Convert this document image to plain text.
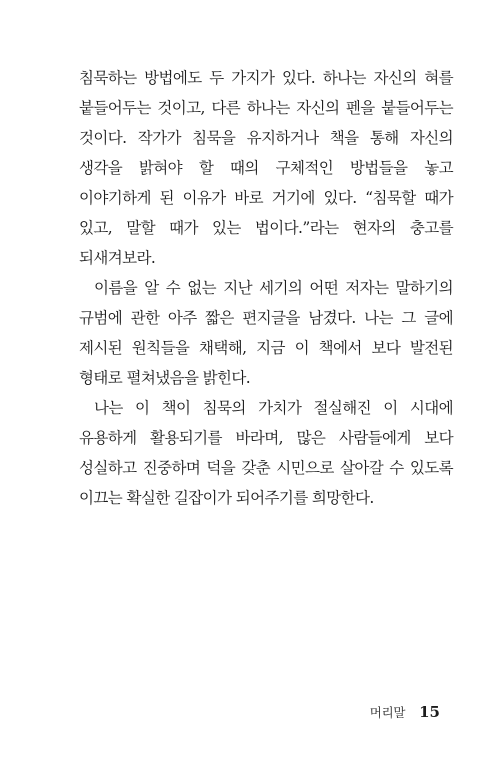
침묵하는 방법에도 두 가지가 있다. 하나는 자신의 혀를 붙들어두는 것이고, 다른 하나는 자신의 펜을 붙들어두는 것이다. 작가가 침묵을 유지하거나 책을 통해 자신의 생각을 밝혀야 할 때의 구체적인 방법들을 놓고 이야기하게 된 이유가 바로 거기에 있다. “침묵할 때가 있고, 말할 때가 있는 법이다.”라는 현자의 충고를 되새겨보라.

이름을 알 수 없는 지난 세기의 어떤 저자는 말하기의 규범에 관한 아주 짧은 편지글을 남겼다. 나는 그 글에 제시된 원칙들을 채택해, 지금 이 책에서 보다 발전된 형태로 펼쳐냈음을 밝힌다.

나는 이 책이 침묵의 가치가 절실해진 이 시대에 유용하게 활용되기를 바라며, 많은 사람들에게 보다 성실하고 진중하며 덕을 갖춘 시민으로 살아갈 수 있도록 이끄는 확실한 길잡이가 되어주기를 희망한다.

머리말 15
